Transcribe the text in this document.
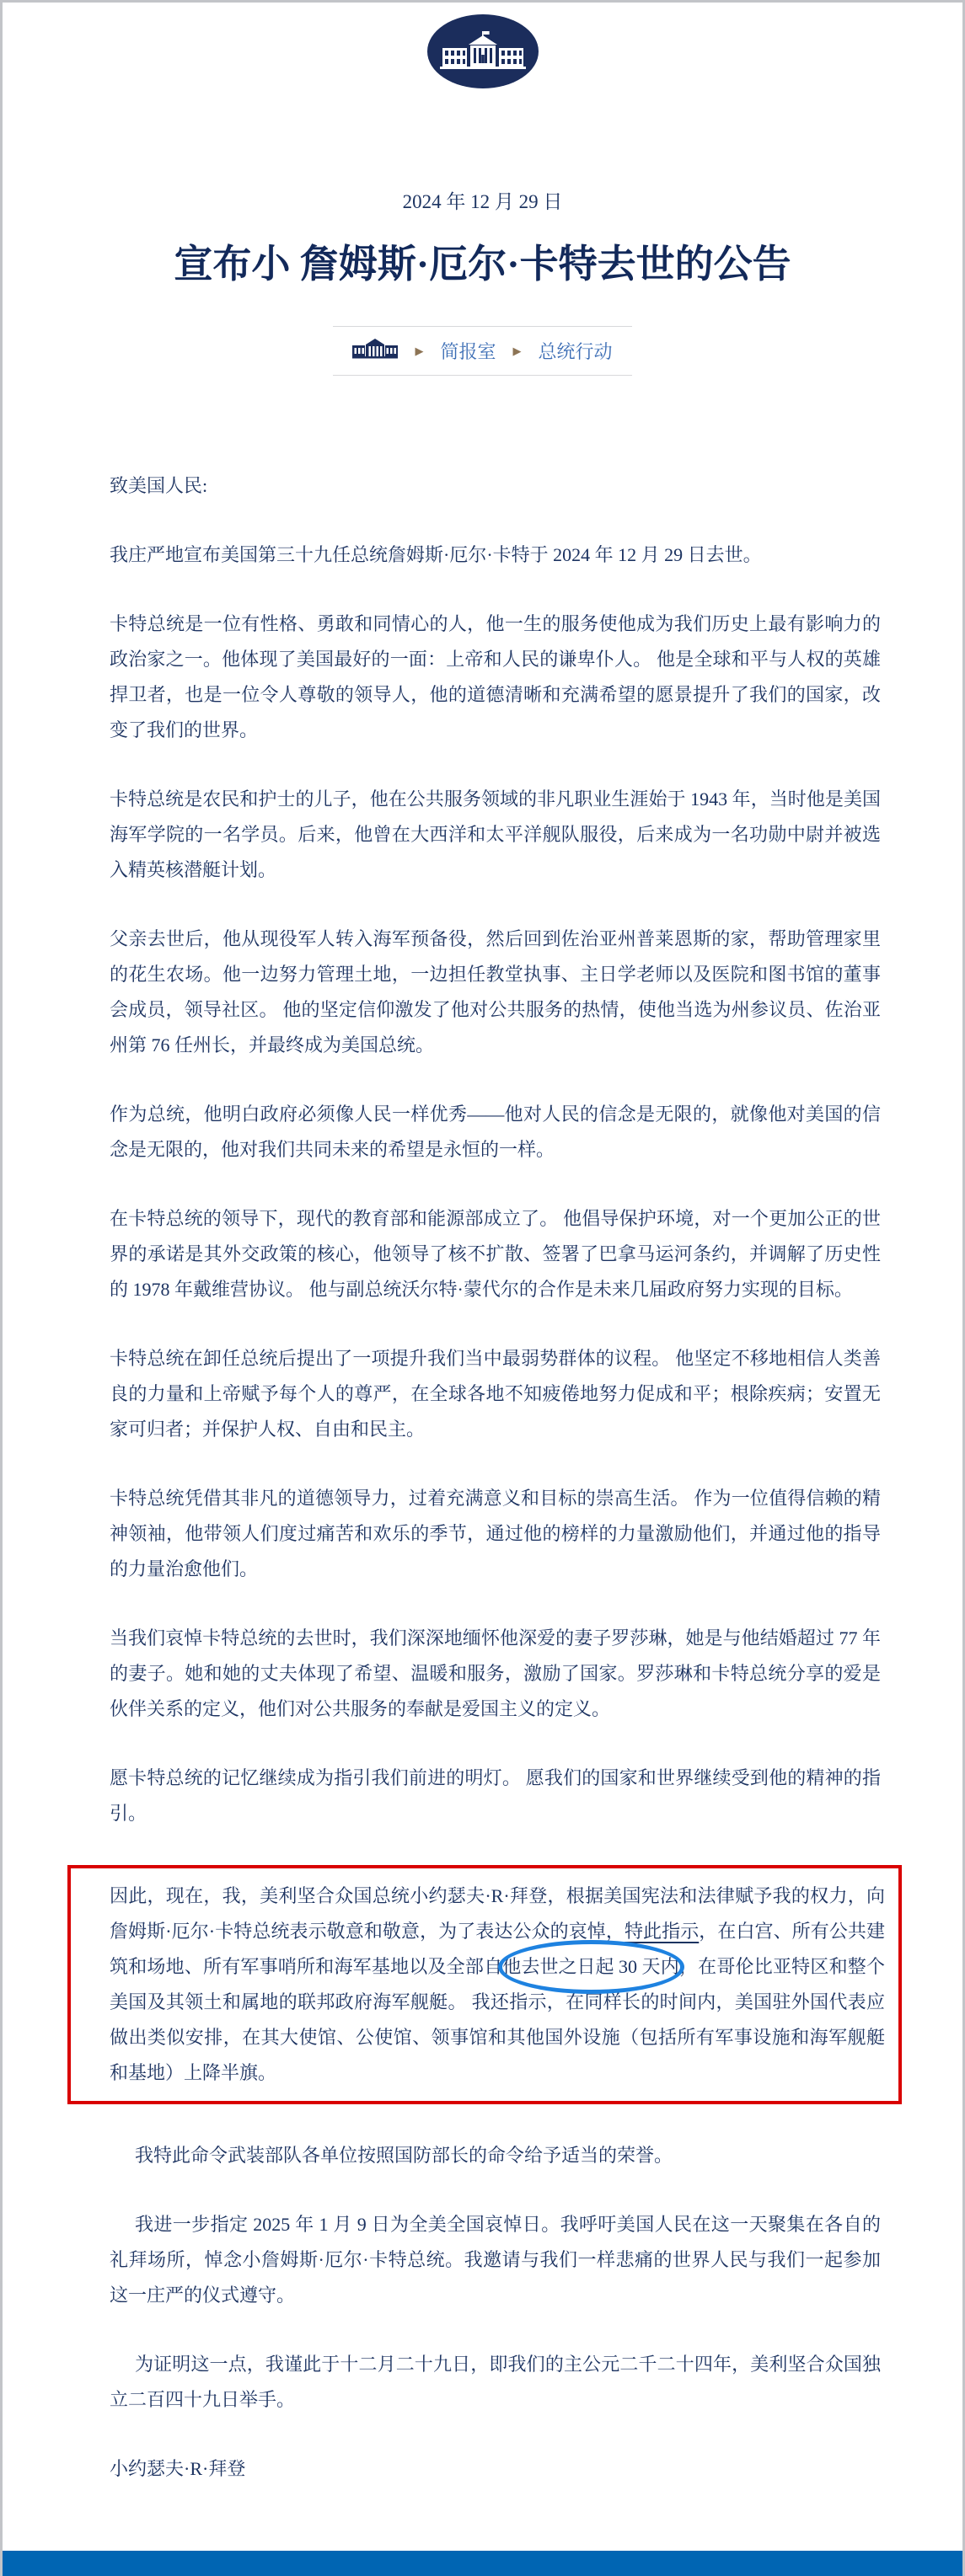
2024 年 12 月 29 日
宣布小 詹姆斯·厄尔·卡特去世的公告
▶ 简报室 ▶ 总统行动

致美国人民:

我庄严地宣布美国第三十九任总统詹姆斯·厄尔·卡特于 2024 年 12 月 29 日去世。

卡特总统是一位有性格、勇敢和同情心的人，他一生的服务使他成为我们历史上最有影响力的政治家之一。他体现了美国最好的一面：上帝和人民的谦卑仆人。 他是全球和平与人权的英雄捍卫者，也是一位令人尊敬的领导人，他的道德清晰和充满希望的愿景提升了我们的国家，改变了我们的世界。

卡特总统是农民和护士的儿子，他在公共服务领域的非凡职业生涯始于 1943 年，当时他是美国海军学院的一名学员。后来，他曾在大西洋和太平洋舰队服役，后来成为一名功勋中尉并被选入精英核潜艇计划。

父亲去世后，他从现役军人转入海军预备役，然后回到佐治亚州普莱恩斯的家，帮助管理家里的花生农场。他一边努力管理土地，一边担任教堂执事、主日学老师以及医院和图书馆的董事会成员，领导社区。 他的坚定信仰激发了他对公共服务的热情，使他当选为州参议员、佐治亚州第 76 任州长，并最终成为美国总统。

作为总统，他明白政府必须像人民一样优秀——他对人民的信念是无限的，就像他对美国的信念是无限的，他对我们共同未来的希望是永恒的一样。

在卡特总统的领导下，现代的教育部和能源部成立了。 他倡导保护环境，对一个更加公正的世界的承诺是其外交政策的核心，他领导了核不扩散、签署了巴拿马运河条约，并调解了历史性的 1978 年戴维营协议。 他与副总统沃尔特·蒙代尔的合作是未来几届政府努力实现的目标。

卡特总统在卸任总统后提出了一项提升我们当中最弱势群体的议程。 他坚定不移地相信人类善良的力量和上帝赋予每个人的尊严，在全球各地不知疲倦地努力促成和平；根除疾病；安置无家可归者；并保护人权、自由和民主。

卡特总统凭借其非凡的道德领导力，过着充满意义和目标的崇高生活。 作为一位值得信赖的精神领袖，他带领人们度过痛苦和欢乐的季节，通过他的榜样的力量激励他们，并通过他的指导的力量治愈他们。

当我们哀悼卡特总统的去世时，我们深深地缅怀他深爱的妻子罗莎琳，她是与他结婚超过 77 年的妻子。她和她的丈夫体现了希望、温暖和服务，激励了国家。罗莎琳和卡特总统分享的爱是伙伴关系的定义，他们对公共服务的奉献是爱国主义的定义。

愿卡特总统的记忆继续成为指引我们前进的明灯。 愿我们的国家和世界继续受到他的精神的指引。

因此，现在，我，美利坚合众国总统小约瑟夫·R·拜登，根据美国宪法和法律赋予我的权力，向詹姆斯·厄尔·卡特总统表示敬意和敬意，为了表达公众的哀悼，特此指示，在白宫、所有公共建筑和场地、所有军事哨所和海军基地以及全部自他
去世之日起 30 天内，在哥伦比亚特区和整个美国及其领土和属地的联邦政府海军舰艇。 我还指示，在同样长的时间内，美国驻外国代表应做出类似安排，在其大使馆、公使馆、领事馆和其他国外设施（包括所有军事设施和海军舰艇和基地）上降半旗。

我特此命令武装部队各单位按照国防部长的命令给予适当的荣誉。

我进一步指定 2025 年 1 月 9 日为全美全国哀悼日。我呼吁美国人民在这一天聚集在各自的礼拜场所，悼念小詹姆斯·厄尔·卡特总统。我邀请与我们一样悲痛的世界人民与我们一起参加这一庄严的仪式遵守。

为证明这一点，我谨此于十二月二十九日，即我们的主公元二千二十四年，美利坚合众国独立二百四十九日举手。

小约瑟夫·R·拜登
